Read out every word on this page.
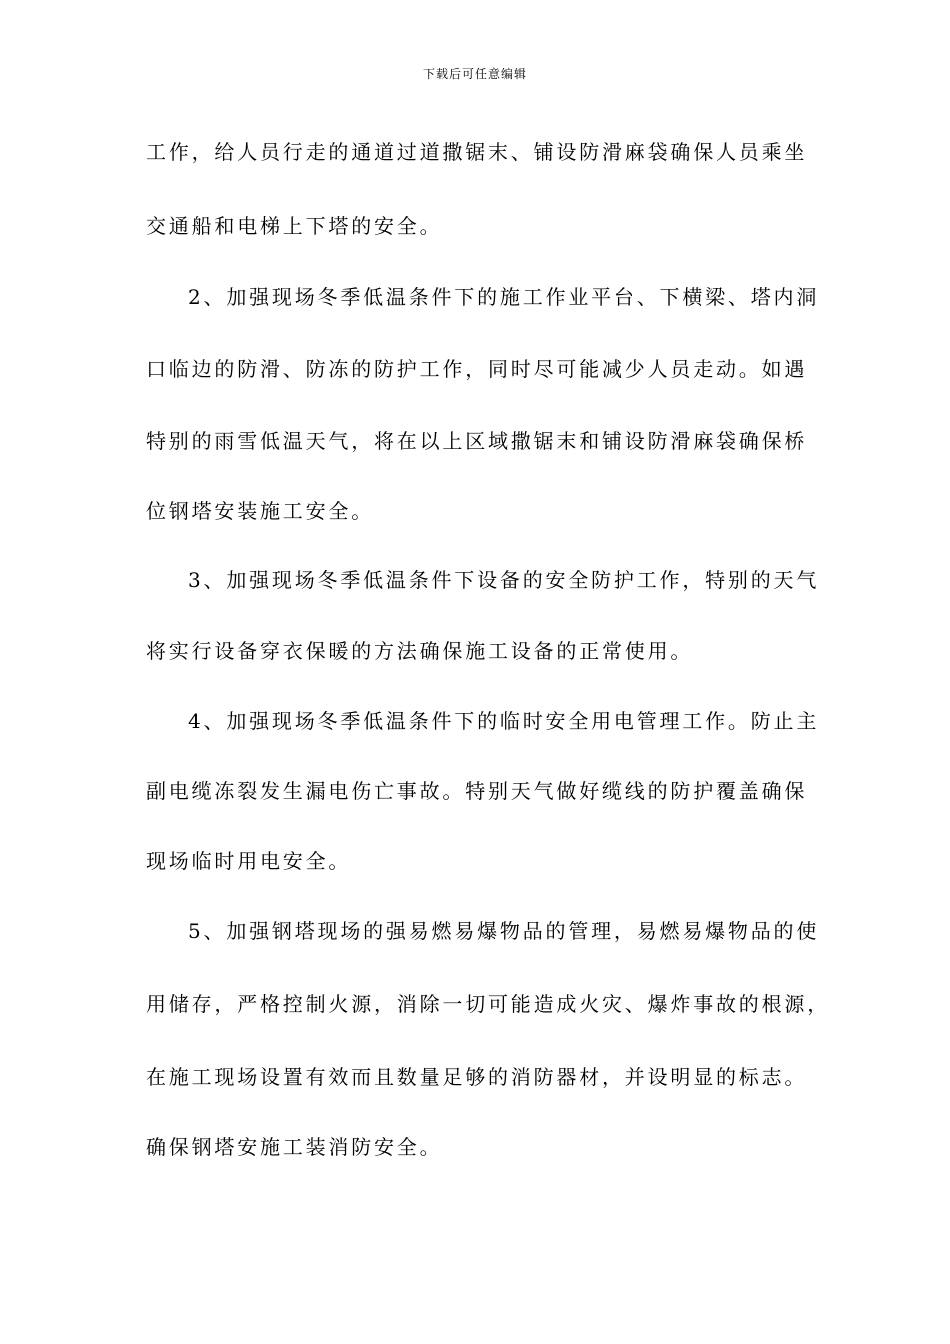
下载后可任意编辑
工作，给人员行走的通道过道撒锯末、铺设防滑麻袋确保人员乘坐
交通船和电梯上下塔的安全。
2、加强现场冬季低温条件下的施工作业平台、下横梁、塔内洞
口临边的防滑、防冻的防护工作，同时尽可能减少人员走动。如遇
特别的雨雪低温天气，将在以上区域撒锯末和铺设防滑麻袋确保桥
位钢塔安装施工安全。
3、加强现场冬季低温条件下设备的安全防护工作，特别的天气
将实行设备穿衣保暖的方法确保施工设备的正常使用。
4、加强现场冬季低温条件下的临时安全用电管理工作。防止主
副电缆冻裂发生漏电伤亡事故。特别天气做好缆线的防护覆盖确保
现场临时用电安全。
5、加强钢塔现场的强易燃易爆物品的管理，易燃易爆物品的使
用储存，严格控制火源，消除一切可能造成火灾、爆炸事故的根源，
在施工现场设置有效而且数量足够的消防器材，并设明显的标志。
确保钢塔安施工装消防安全。
